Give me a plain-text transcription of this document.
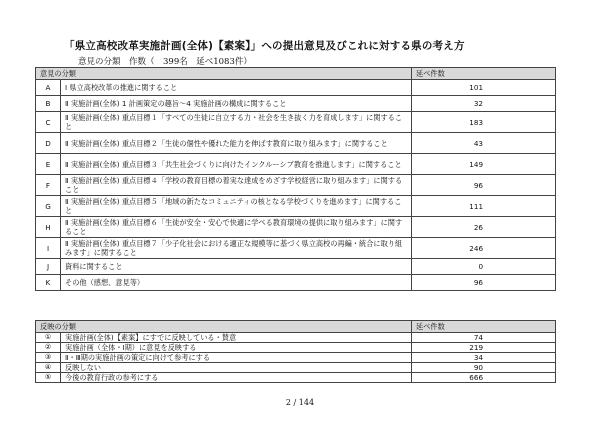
「県立高校改革実施計画(全体)【素案】」への提出意見及びこれに対する県の考え方
意見の分類　作数（　399名　延べ1083件）
意見の分類		延べ件数
A	Ⅰ 県立高校改革の推進に関すること	101
B	Ⅱ 実施計画(全体) 1 計画策定の趣旨～4 実施計画の構成に関すること	32
C	Ⅱ 実施計画(全体) 重点目標１「すべての生徒に自立する力・社会を生き抜く力を育成します」に関すること	183
D	Ⅱ 実施計画(全体) 重点目標２「生徒の個性や優れた能力を伸ばす教育に取り組みます」に関すること	43
E	Ⅱ 実施計画(全体) 重点目標３「共生社会づくりに向けたインクルーシブ教育を推進します」に関すること	149
F	Ⅱ 実施計画(全体) 重点目標４「学校の教育目標の着実な達成をめざす学校経営に取り組みます」に関すること	96
G	Ⅱ 実施計画(全体) 重点目標５「地域の新たなコミュニティの核となる学校づくりを進めます」に関すること	111
H	Ⅱ 実施計画(全体) 重点目標６「生徒が安全・安心で快適に学べる教育環境の提供に取り組みます」に関すること	26
I	Ⅱ 実施計画(全体) 重点目標７「少子化社会における適正な規模等に基づく県立高校の再編・統合に取り組みます」に関すること	246
J	資料に関すること	0
K	その他（感想、意見等）	96
反映の分類		延べ件数
①	実施計画(全体)【素案】にすでに反映している・賛意	74
②	実施計画（全体・Ⅰ期）に意見を反映する	219
③	Ⅱ・Ⅲ期の実施計画の策定に向けて参考にする	34
④	反映しない	90
⑤	今後の教育行政の参考にする	666
2 / 144
